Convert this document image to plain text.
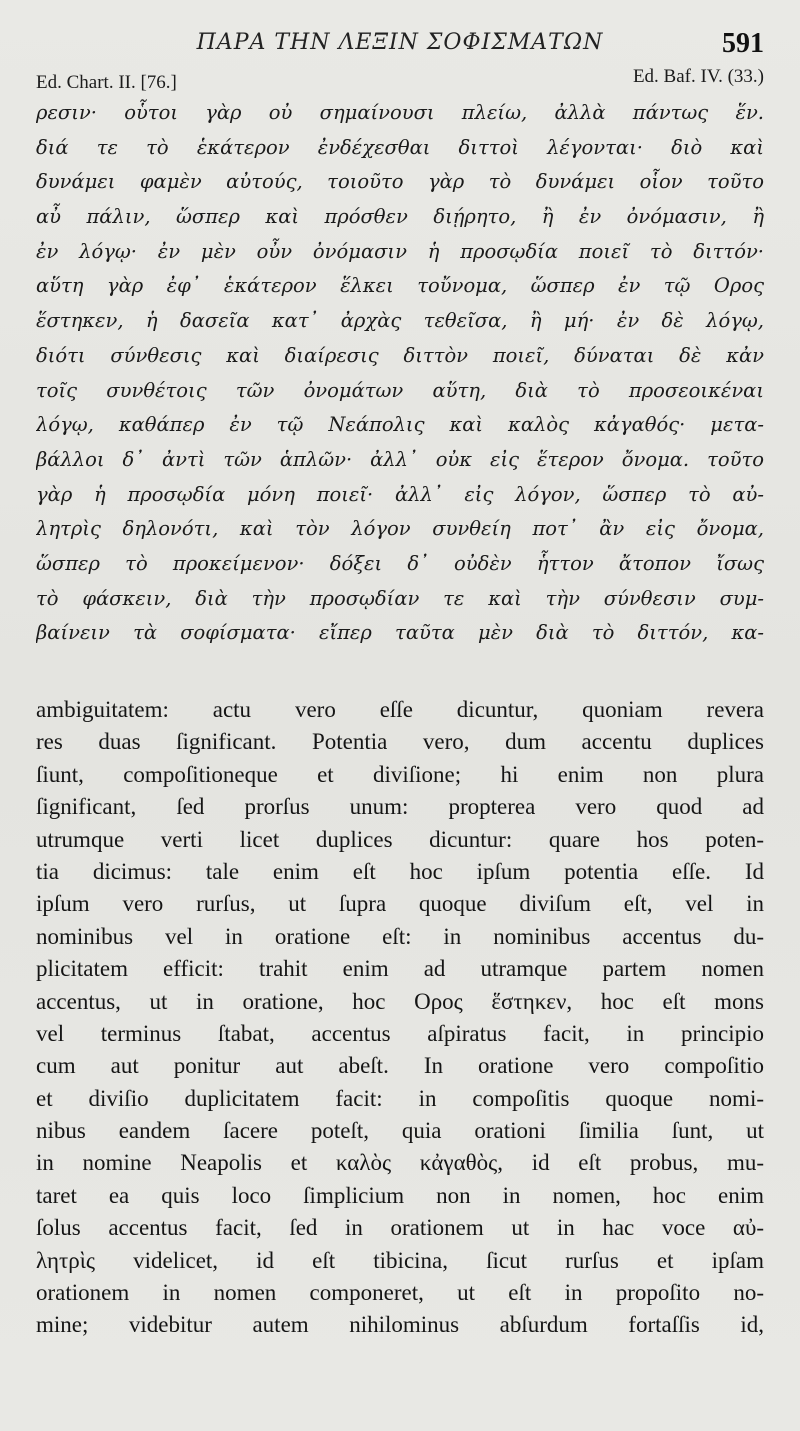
ΠΑΡΑ ΤΗΝ ΛΕΞΙΝ ΣΟΦΙΣΜΑΤΩΝ	591
Ed. Chart. II. [76.]	Ed. Baf. IV. (33.)
ρεσιν· οὗτοι γὰρ οὐ σημαίνουσι πλείω, ἀλλὰ πάντως ἕν.
διά τε τὸ ἑκάτερον ἐνδέχεσθαι διττοὶ λέγονται· διὸ καὶ
δυνάμει φαμὲν αὐτούς, τοιοῦτο γὰρ τὸ δυνάμει οἷον τοῦτο
αὖ πάλιν, ὥσπερ καὶ πρόσθεν διῄρητο, ἢ ἐν ὀνόμασιν, ἢ
ἐν λόγῳ· ἐν μὲν οὖν ὀνόμασιν ἡ προσῳδία ποιεῖ τὸ διττόν·
αὕτη γὰρ ἐφ᾽ ἑκάτερον ἕλκει τοὔνομα, ὥσπερ ἐν τῷ Ορος
ἕστηκεν, ἡ δασεῖα κατ᾽ ἀρχὰς τεθεῖσα, ἢ μή· ἐν δὲ λόγῳ,
διότι σύνθεσις καὶ διαίρεσις διττὸν ποιεῖ, δύναται δὲ κἀν
τοῖς συνθέτοις τῶν ὀνομάτων αὕτη, διὰ τὸ προσεοικέναι
λόγῳ, καθάπερ ἐν τῷ Νεάπολις καὶ καλὸς κἀγαθός· μετα-
βάλλοι δ᾽ ἀντὶ τῶν ἁπλῶν· ἀλλ᾽ οὐκ εἰς ἕτερον ὄνομα. τοῦτο
γὰρ ἡ προσῳδία μόνη ποιεῖ· ἀλλ᾽ εἰς λόγον, ὥσπερ τὸ αὐ-
λητρὶς δηλονότι, καὶ τὸν λόγον συνθείη ποτ᾽ ἂν εἰς ὄνομα,
ὥσπερ τὸ προκείμενον· δόξει δ᾽ οὐδὲν ἧττον ἄτοπον ἴσως
τὸ φάσκειν, διὰ τὴν προσῳδίαν τε καὶ τὴν σύνθεσιν συμ-
βαίνειν τὰ σοφίσματα· εἴπερ ταῦτα μὲν διὰ τὸ διττόν, κα-
ambiguitatem: actu vero eſſe dicuntur, quoniam revera
res duas ſignificant. Potentia vero, dum accentu duplices
ſiunt, compoſitioneque et diviſione; hi enim non plura
ſignificant, ſed prorſus unum: propterea vero quod ad
utrumque verti licet duplices dicuntur: quare hos poten-
tia dicimus: tale enim eſt hoc ipſum potentia eſſe. Id
ipſum vero rurſus, ut ſupra quoque diviſum eſt, vel in
nominibus vel in oratione eſt: in nominibus accentus du-
plicitatem efficit: trahit enim ad utramque partem nomen
accentus, ut in oratione, hoc Ορος ἕστηκεν, hoc eſt mons
vel terminus ſtabat, accentus aſpiratus facit, in principio
cum aut ponitur aut abeſt. In oratione vero compoſitio
et diviſio duplicitatem facit: in compoſitis quoque nomi-
nibus eandem ſacere poteſt, quia orationi ſimilia ſunt, ut
in nomine Neapolis et καλὸς κἀγαθὸς, id eſt probus, mu-
taret ea quis loco ſimplicium non in nomen, hoc enim
ſolus accentus facit, ſed in orationem ut in hac voce αὐ-
λητρὶς videlicet, id eſt tibicina, ſicut rurſus et ipſam
orationem in nomen componeret, ut eſt in propoſito no-
mine; videbitur autem nihilominus abſurdum fortaſſis id,
